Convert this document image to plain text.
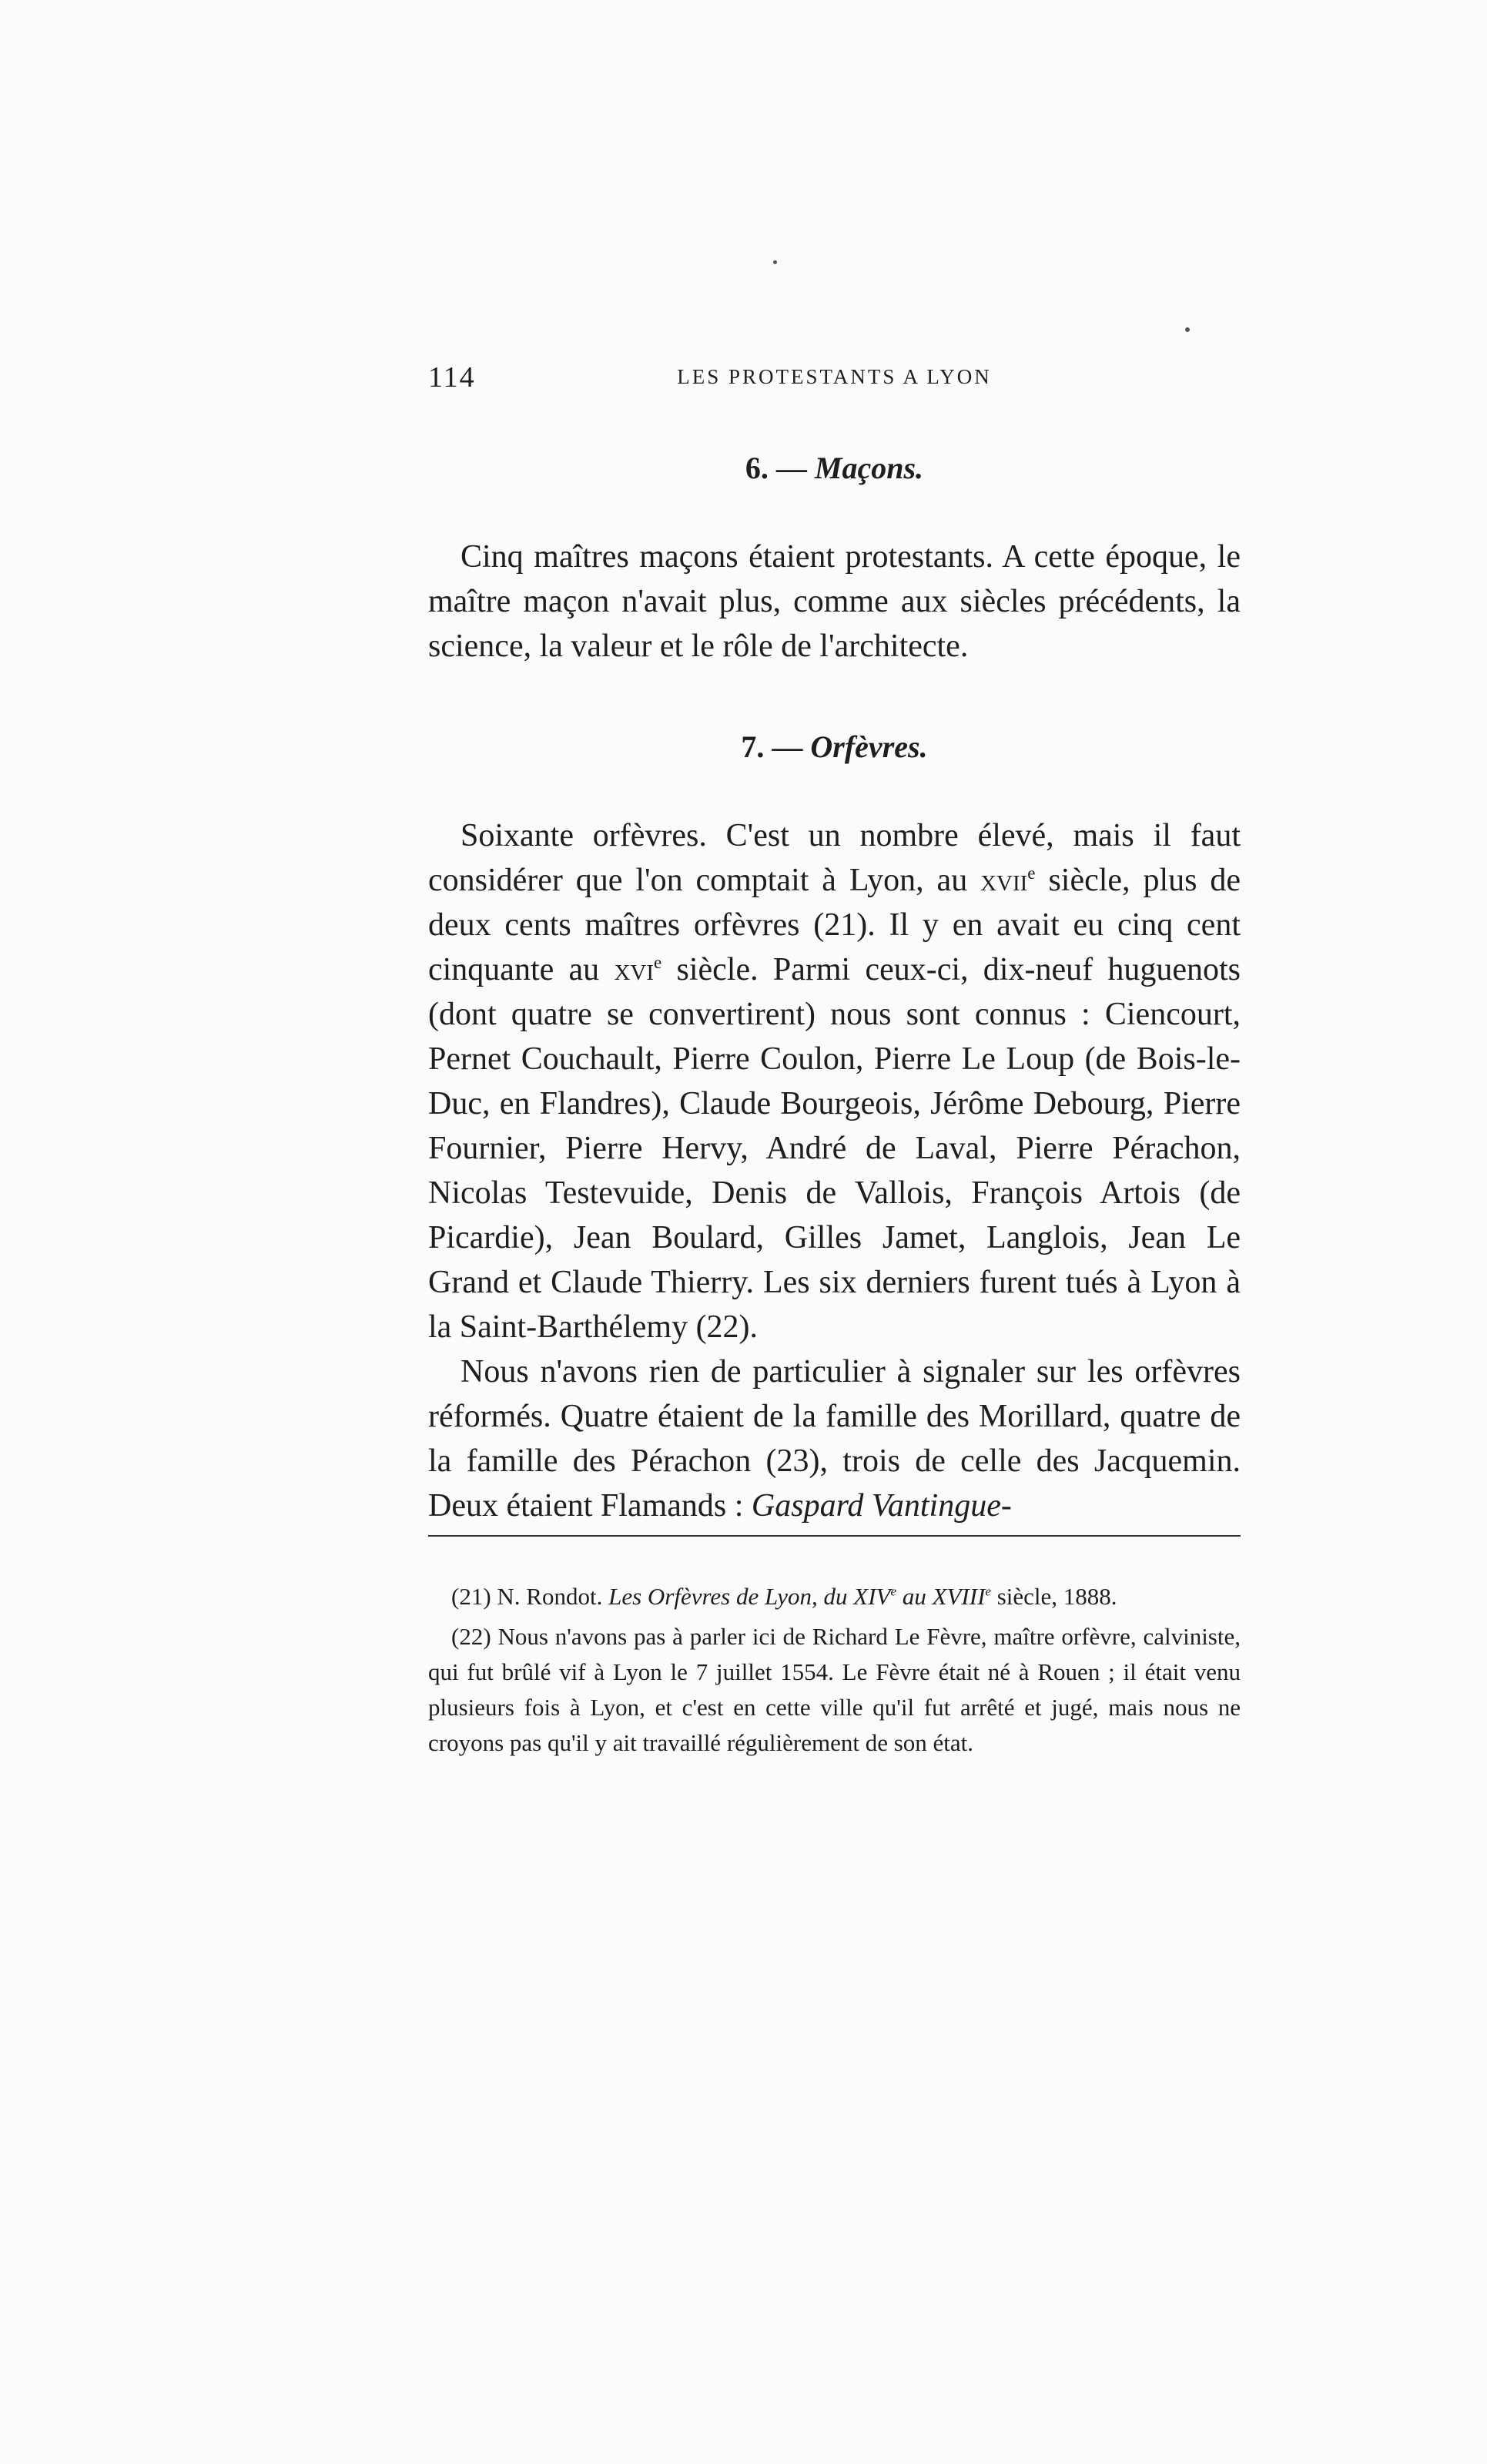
114	LES PROTESTANTS A LYON
6. — Maçons.

Cinq maîtres maçons étaient protestants. A cette époque, le maître maçon n'avait plus, comme aux siècles précédents, la science, la valeur et le rôle de l'architecte.

7. — Orfèvres.

Soixante orfèvres. C'est un nombre élevé, mais il faut considérer que l'on comptait à Lyon, au xvii$^e$ siècle, plus de deux cents maîtres orfèvres (21). Il y en avait eu cinq cent cinquante au xvi$^e$ siècle. Parmi ceux-ci, dix-neuf huguenots (dont quatre se convertirent) nous sont connus : Ciencourt, Pernet Couchault, Pierre Coulon, Pierre Le Loup (de Bois-le-Duc, en Flandres), Claude Bourgeois, Jérôme Debourg, Pierre Fournier, Pierre Hervy, André de Laval, Pierre Pérachon, Nicolas Testevuide, Denis de Vallois, François Artois (de Picardie), Jean Boulard, Gilles Jamet, Langlois, Jean Le Grand et Claude Thierry. Les six derniers furent tués à Lyon à la Saint-Barthélemy (22).

Nous n'avons rien de particulier à signaler sur les orfèvres réformés. Quatre étaient de la famille des Morillard, quatre de la famille des Pérachon (23), trois de celle des Jacquemin. Deux étaient Flamands : Gaspard Vantingue-

(21) N. Rondot. Les Orfèvres de Lyon, du XIVe au XVIIIe siècle, 1888.

(22) Nous n'avons pas à parler ici de Richard Le Fèvre, maître orfèvre, calviniste, qui fut brûlé vif à Lyon le 7 juillet 1554. Le Fèvre était né à Rouen ; il était venu plusieurs fois à Lyon, et c'est en cette ville qu'il fut arrêté et jugé, mais nous ne croyons pas qu'il y ait travaillé régulièrement de son état.
